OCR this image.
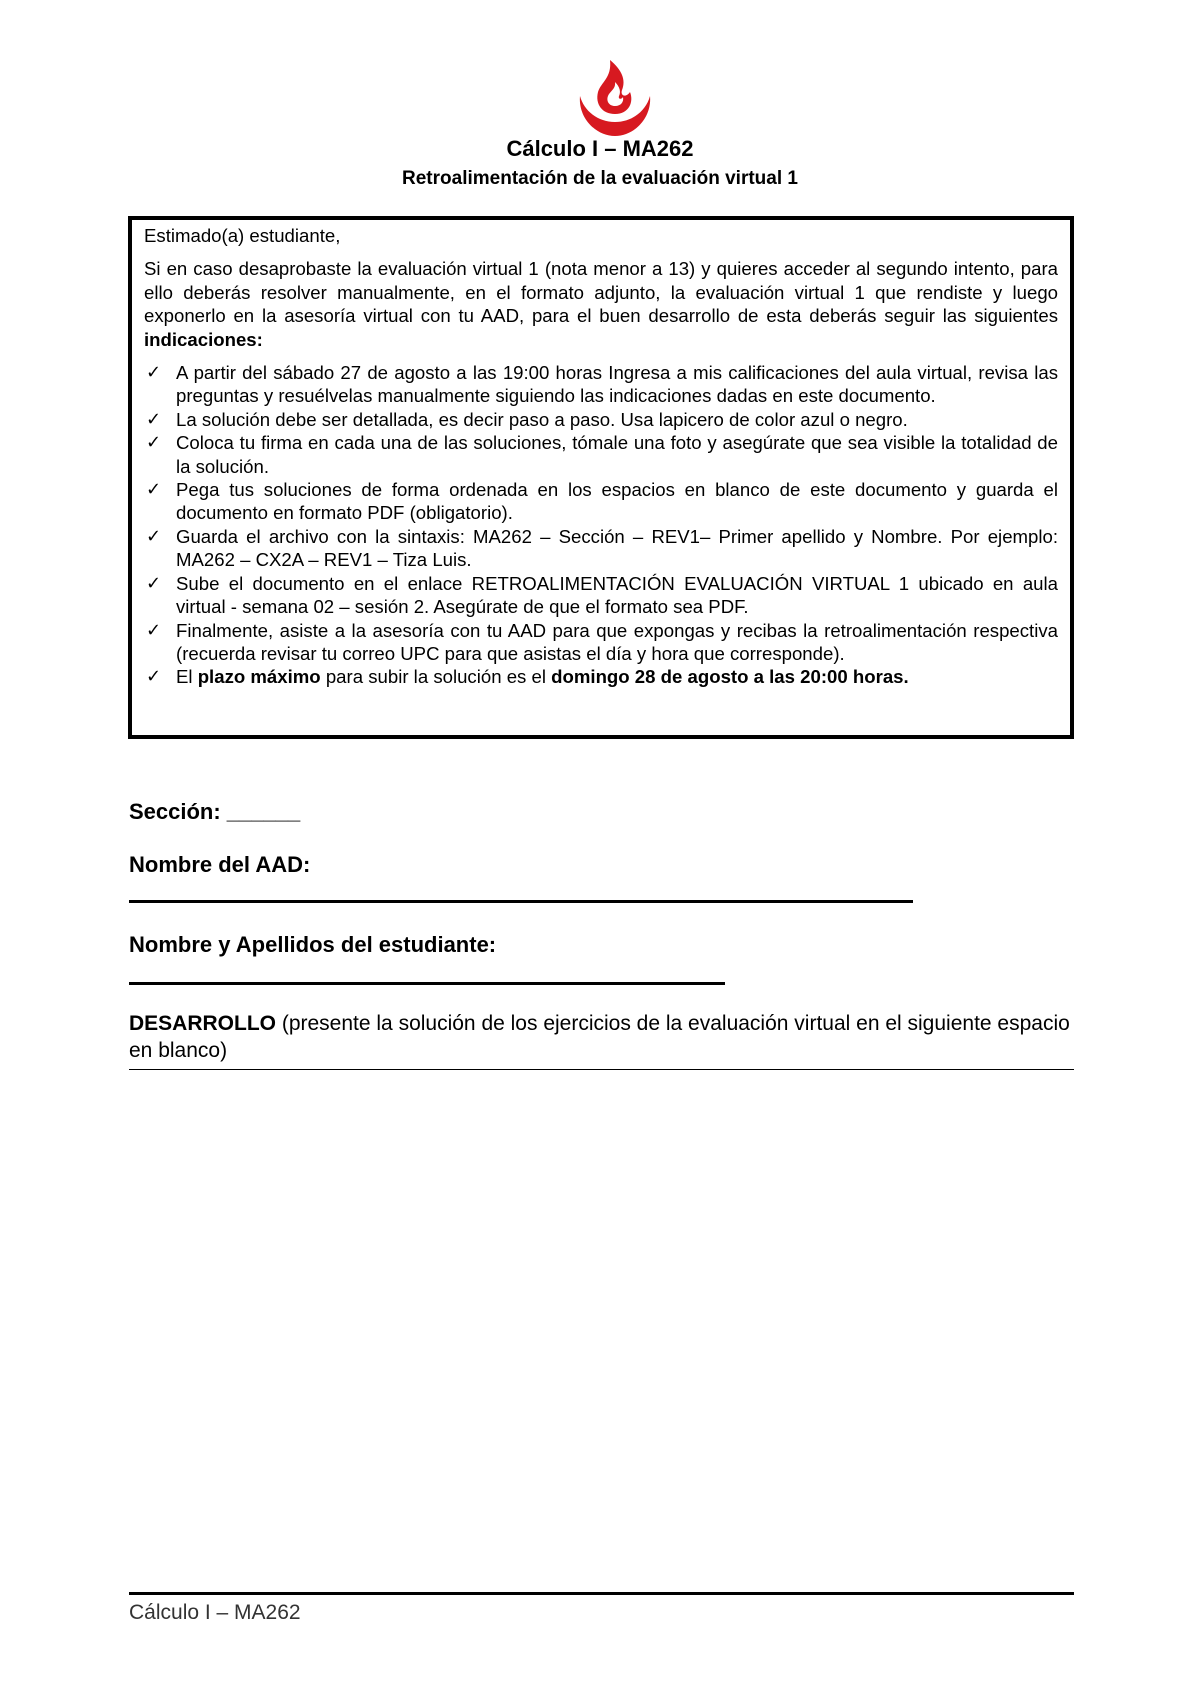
Cálculo I – MA262
Retroalimentación de la evaluación virtual 1

Estimado(a) estudiante,

Si en caso desaprobaste la evaluación virtual 1 (nota menor a 13) y quieres acceder al segundo intento, para ello deberás resolver manualmente, en el formato adjunto, la evaluación virtual 1 que rendiste y luego exponerlo en la asesoría virtual con tu AAD, para el buen desarrollo de esta deberás seguir las siguientes indicaciones:

✓ A partir del sábado 27 de agosto a las 19:00 horas Ingresa a mis calificaciones del aula virtual, revisa las preguntas y resuélvelas manualmente siguiendo las indicaciones dadas en este documento.
✓ La solución debe ser detallada, es decir paso a paso. Usa lapicero de color azul o negro.
✓ Coloca tu firma en cada una de las soluciones, tómale una foto y asegúrate que sea visible la totalidad de la solución.
✓ Pega tus soluciones de forma ordenada en los espacios en blanco de este documento y guarda el documento en formato PDF (obligatorio).
✓ Guarda el archivo con la sintaxis: MA262 – Sección – REV1– Primer apellido y Nombre. Por ejemplo: MA262 – CX2A – REV1 – Tiza Luis.
✓ Sube el documento en el enlace RETROALIMENTACIÓN EVALUACIÓN VIRTUAL 1 ubicado en aula virtual - semana 02 – sesión 2. Asegúrate de que el formato sea PDF.
✓ Finalmente, asiste a la asesoría con tu AAD para que expongas y recibas la retroalimentación respectiva (recuerda revisar tu correo UPC para que asistas el día y hora que corresponde).
✓ El plazo máximo para subir la solución es el domingo 28 de agosto a las 20:00 horas.
Sección: ______
Nombre del AAD:
Nombre y Apellidos del estudiante:
DESARROLLO (presente la solución de los ejercicios de la evaluación virtual en el siguiente espacio en blanco)
Cálculo I – MA262
